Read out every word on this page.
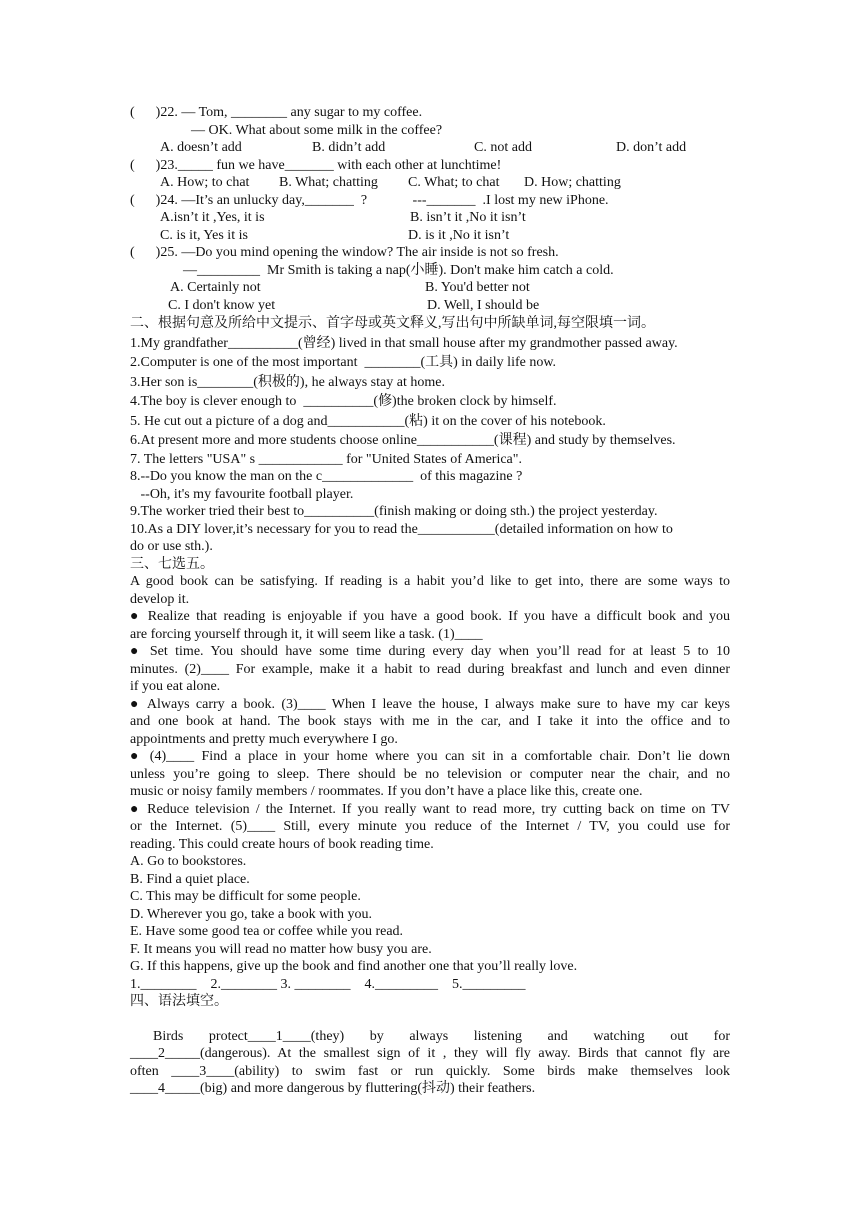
(      )22. — Tom, ________ any sugar to my coffee.
— OK. What about some milk in the coffee?

A. doesn’t add

	B. didn’t add

	C. not add

	D. don’t add

(      )23._____ fun we have_______ with each other at lunchtime!

A. How; to chat

B. What; chatting

C. What; to chat

D. How; chatting

(      )24. —It’s an unlucky day,_______  ?             ---_______  .I lost my new iPhone.

A.isn’t it ,Yes, it is

	B. isn’t it ,No it isn’t

C. is it, Yes it is

	D. is it ,No it isn’t

(      )25. —Do you mind opening the window? The air inside is not so fresh.
—_________  Mr Smith is taking a nap(小睡). Don't make him catch a cold.

A. Certainly not

	B. You'd better not

C. I don't know yet

	D. Well, I should be

二、根据句意及所给中文提示、首字母或英文释义,写出句中所缺单词,每空限填一词。
1.My grandfather__________(曾经) lived in that small house after my grandmother passed away.
2.Computer is one of the most important  ________(工具) in daily life now.
3.Her son is________(积极的), he always stay at home.
4.The boy is clever enough to  __________(修)the broken clock by himself.
5. He cut out a picture of a dog and___________(粘) it on the cover of his notebook.
6.At present more and more students choose online___________(课程) and study by themselves.
7. The letters "USA" s ____________ for "United States of America".
8.--Do you know the man on the c_____________  of this magazine ?
--Oh, it's my favourite football player.
9.The worker tried their best to__________(finish making or doing sth.) the project yesterday.
10.As a DIY lover,it’s necessary for you to read the___________(detailed information on how to
do or use sth.).
三、七选五。
A good book can be satisfying. If reading is a habit you’d like to get into, there are some ways to
develop it.
● Realize that reading is enjoyable if you have a good book. If you have a difficult book and you
are forcing yourself through it, it will seem like a task. (1)____
● Set time. You should have some time during every day when you’ll read for at least 5 to 10
minutes. (2)____ For example, make it a habit to read during breakfast and lunch and even dinner
if you eat alone.
● Always carry a book. (3)____ When I leave the house, I always make sure to have my car keys
and one book at hand. The book stays with me in the car, and I take it into the office and to
appointments and pretty much everywhere I go.
● (4)____ Find a place in your home where you can sit in a comfortable chair. Don’t lie down
unless you’re going to sleep. There should be no television or computer near the chair, and no
music or noisy family members / roommates. If you don’t have a place like this, create one.
● Reduce television / the Internet. If you really want to read more, try cutting back on time on TV
or the Internet. (5)____ Still, every minute you reduce of the Internet / TV, you could use for
reading. This could create hours of book reading time.
A. Go to bookstores.
B. Find a quiet place.
C. This may be difficult for some people.
D. Wherever you go, take a book with you.
E. Have some good tea or coffee while you read.
F. It means you will read no matter how busy you are.
G. If this happens, give up the book and find another one that you’ll really love.
1.________    2.________ 3. ________    4._________    5._________
四、语法填空。
Birds protect____1____(they) by always listening and watching out for
____2_____(dangerous). At the smallest sign of it , they will fly away. Birds that cannot fly are
often ____3____(ability) to swim fast or run quickly. Some birds make themselves look
____4_____(big) and more dangerous by fluttering(抖动) their feathers.
